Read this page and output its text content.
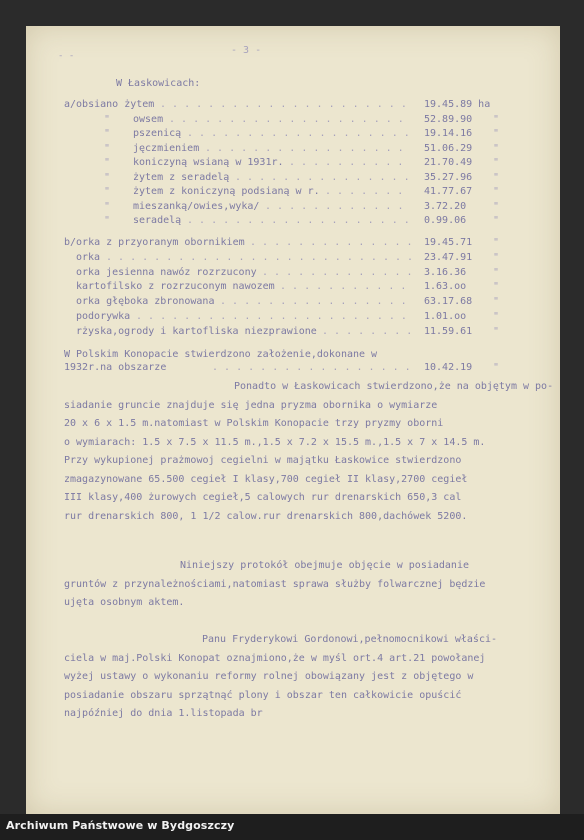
- -	- 3 -
W Łaskowicach:
a/obsiano żytem . . . . . . . . . . . . . . . . . . . . . 19.45.89 ha
" owsem . . . . . . . . . . . . . . . . . . . . 52.89.90 "
" pszenicą . . . . . . . . . . . . . . . . . . . 19.14.16 "
" jęczmieniem . . . . . . . . . . . . . . . . . 51.06.29 "
" koniczyną wsianą w 1931r. . . . . . . . . . . 21.70.49 "
" żytem z seradelą . . . . . . . . . . . . . . . 35.27.96 "
" żytem z koniczyną podsianą w r. . . . . . . . 41.77.67 "
" mieszanką/owies,wyka/ . . . . . . . . . . . . 3.72.20	"
" seradelą . . . . . . . . . . . . . . . . . . . 0.99.06	"
b/orka z przyoranym obornikiem . . . . . . . . . . . . . . 19.45.71 "
orka . . . . . . . . . . . . . . . . . . . . . . . . . . 23.47.91 "
orka jesienna nawóz rozrzucony . . . . . . . . . . . . . 3.16.36	"
kartofilsko z rozrzuconym nawozem . . . . . . . . . . . 1.63.oo	"
orka głęboka zbronowana . . . . . . . . . . . . . . . . 63.17.68 "
podorywka . . . . . . . . . . . . . . . . . . . . . . . 1.01.oo	"
rżyska,ogrody i kartofliska niezprawione . . . . . . . . 11.59.61 "
W Polskim Konopacie stwierdzono założenie,dokonane w
1932r.na obszarze	. . . . . . . . . . . . . . . . . 10.42.19 "
Ponadto w Łaskowicach stwierdzono,że na objętym w po-
siadanie gruncie znajduje się jedna pryzma obornika o wymiarze
20 x 6 x 1.5 m.natomiast w Polskim Konopacie trzy pryzmy oborni
o wymiarach: 1.5 x 7.5 x 11.5 m.,1.5 x 7.2 x 15.5 m.,1.5 x 7 x 14.5 m.
Przy wykupionej prażmowoj cegielni w majątku Łaskowice stwierdzono
zmagazynowane 65.500 cegieł I klasy,700 cegieł II klasy,2700 cegieł
III klasy,400 żurowych cegieł,5 calowych rur drenarskich 650,3 cal
rur drenarskich 800, 1 1/2 calow.rur drenarskich 800,dachówek 5200.
Niniejszy protokół obejmuje objęcie w posiadanie
gruntów z przynależnościami,natomiast sprawa służby folwarcznej będzie
ujęta osobnym aktem.
Panu Fryderykowi Gordonowi,pełnomocnikowi właści-
ciela w maj.Polski Konopat oznajmiono,że w myśl ort.4 art.21 powołanej
wyżej ustawy o wykonaniu reformy rolnej obowiązany jest z objętego w
posiadanie obszaru sprzątnąć plony i obszar ten całkowicie opuścić
najpóźniej do dnia 1.listopada br
Archiwum Państwowe w Bydgoszczy
